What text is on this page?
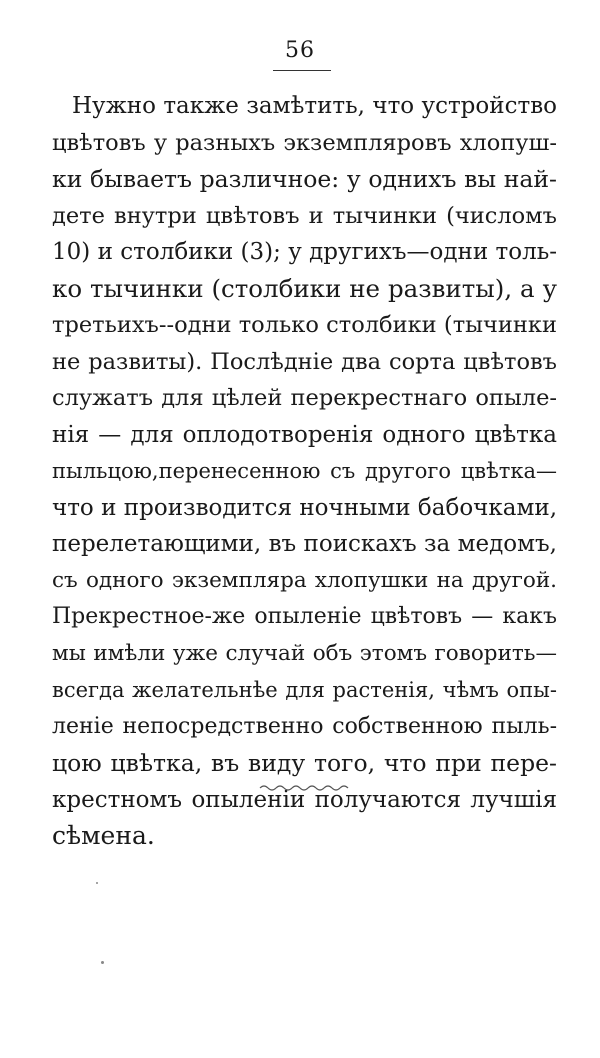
56
Нужно также замѣтить, что устройство
цвѣтовъ у разныхъ экземпляровъ хлопуш-
ки бываетъ различное: у однихъ вы най-
дете внутри цвѣтовъ и тычинки (числомъ
10) и столбики (3); у другихъ—одни толь-
ко тычинки (столбики не развиты), а у
третьихъ--одни только столбики (тычинки
не развиты). Послѣдніе два сорта цвѣтовъ
служатъ для цѣлей перекрестнаго опыле-
нія — для оплодотворенія одного цвѣтка
пыльцою,перенесенною съ другого цвѣтка—
что и производится ночными бабочками,
перелетающими, въ поискахъ за медомъ,
съ одного экземпляра хлопушки на другой.
Прекрестное-же опыленіе цвѣтовъ — какъ
мы имѣли уже случай объ этомъ говорить—
всегда желательнѣе для растенія, чѣмъ опы-
леніе непосредственно собственною пыль-
цою цвѣтка, въ виду того, что при пере-
крестномъ опыленіи получаются лучшія
сѣмена.
